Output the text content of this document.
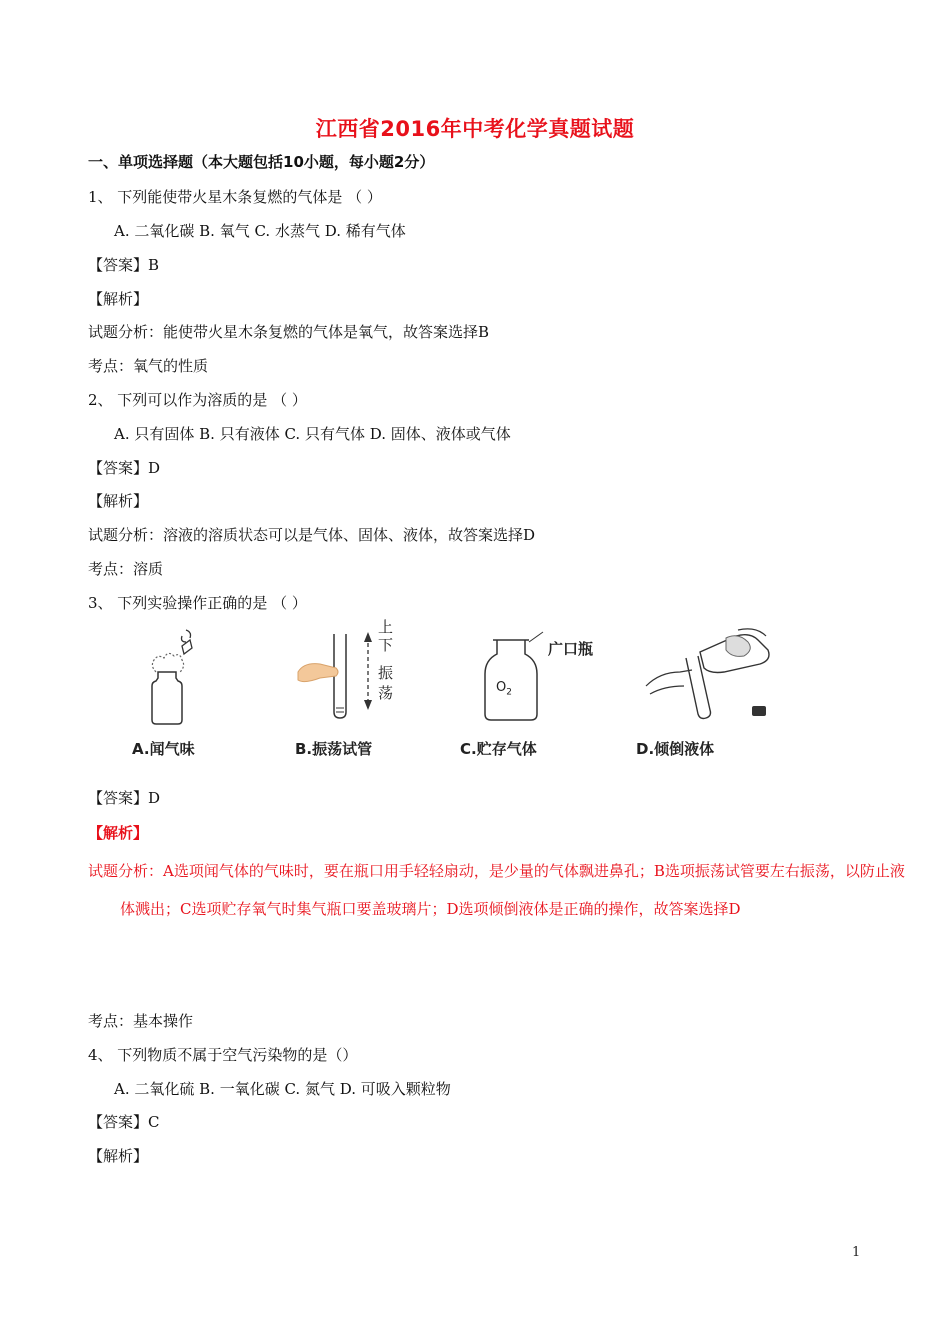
江西省2016年中考化学真题试题
一、单项选择题（本大题包括10小题，每小题2分）
1、 下列能使带火星木条复燃的气体是 （ ）
A. 二氧化碳 B. 氧气 C. 水蒸气 D. 稀有气体
【答案】B
【解析】
试题分析：能使带火星木条复燃的气体是氧气，故答案选择B
考点：氧气的性质
2、 下列可以作为溶质的是 （ ）
A. 只有固体 B. 只有液体 C. 只有气体 D. 固体、液体或气体
【答案】D
【解析】
试题分析：溶液的溶质状态可以是气体、固体、液体，故答案选择D
考点：溶质
3、 下列实验操作正确的是 （ ）
A.闻气味
上
下
振
荡
B.振荡试管
$O_2$
广口瓶
C.贮存气体	D.倾倒液体
【答案】D
【解析】
试题分析：A选项闻气体的气味时，要在瓶口用手轻轻扇动，是少量的气体飘进鼻孔；B选项振荡试管要左右振荡，以防止液体溅出；C选项贮存氧气时集气瓶口要盖玻璃片；D选项倾倒液体是正确的操作，故答案选择D
考点：基本操作
4、 下列物质不属于空气污染物的是（）
A. 二氧化硫 B. 一氧化碳 C. 氮气 D. 可吸入颗粒物
【答案】C
【解析】
1
